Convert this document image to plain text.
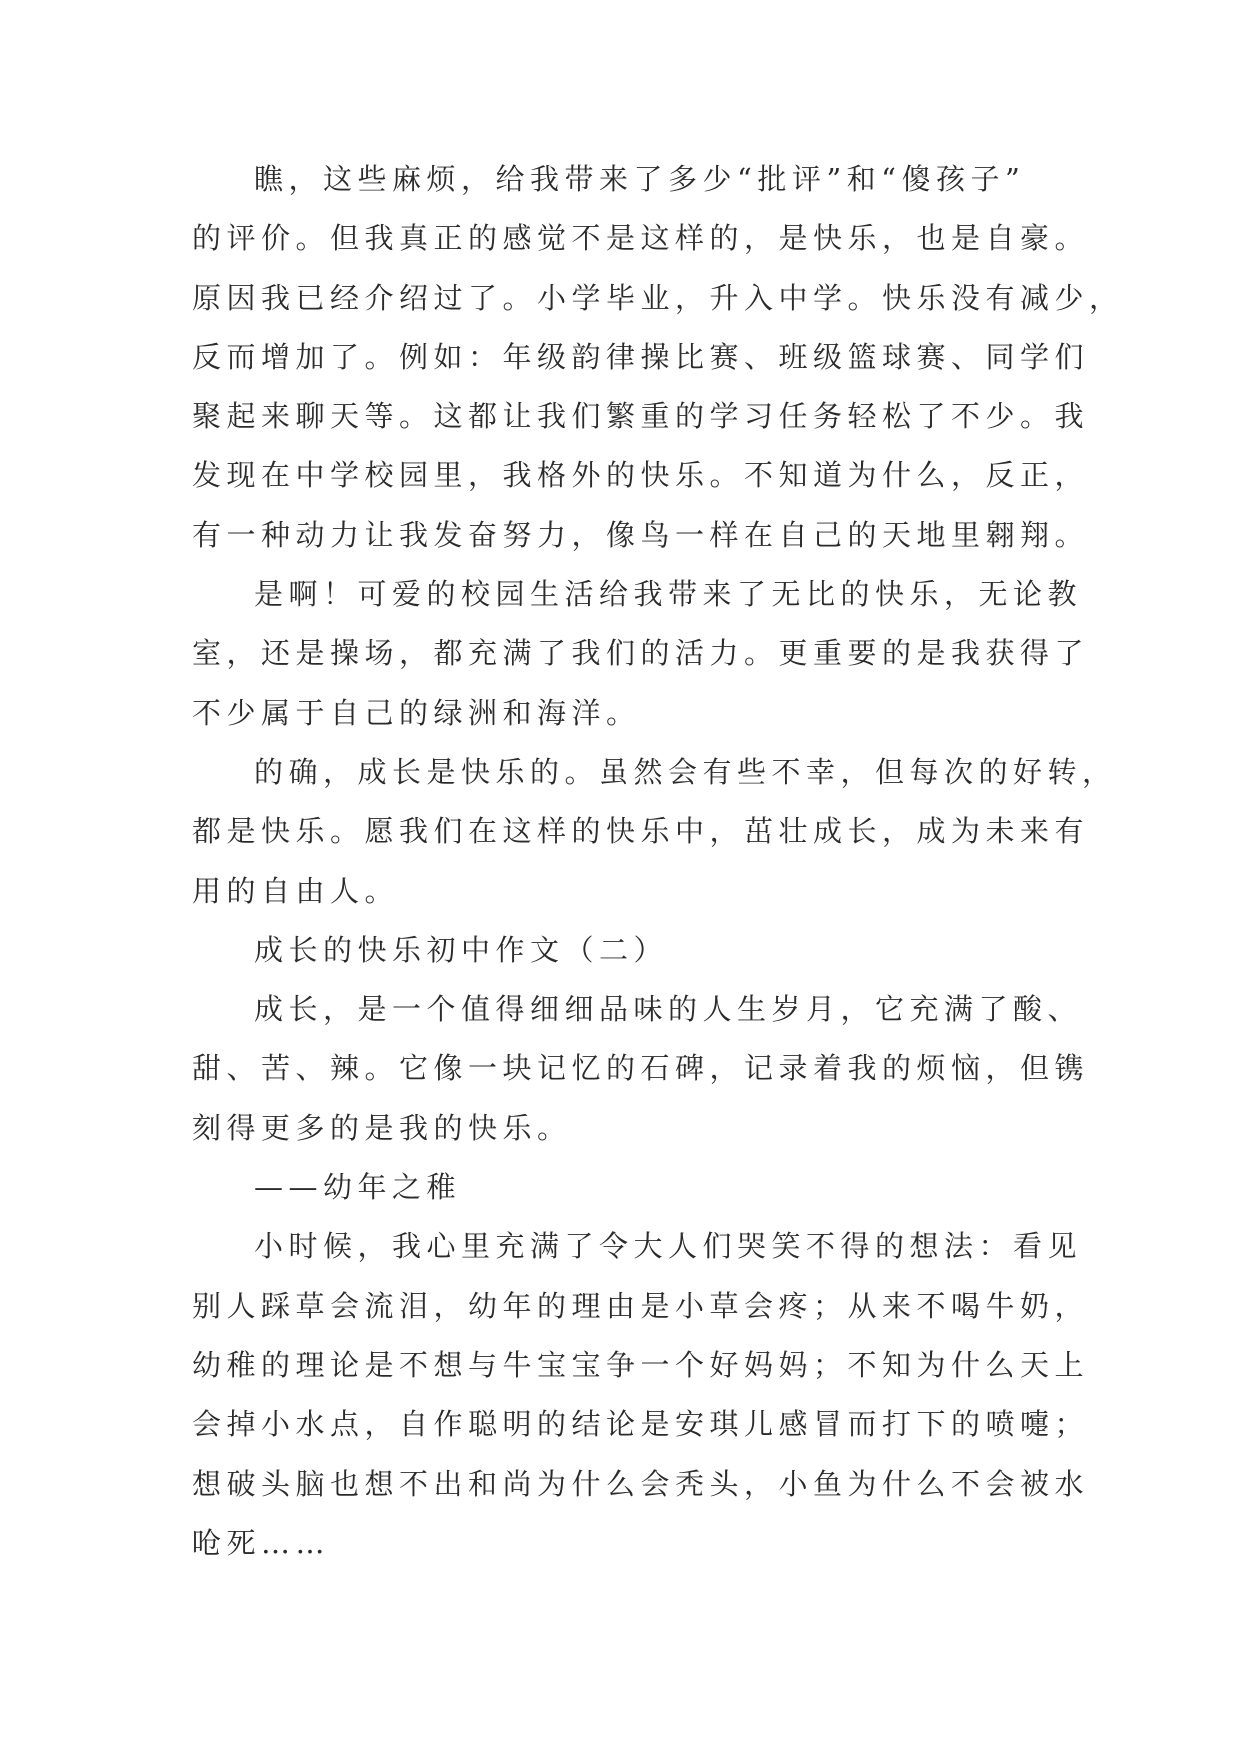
瞧，这些麻烦，给我带来了多少“批评”和“傻孩子”
的评价。但我真正的感觉不是这样的，是快乐，也是自豪。
原因我已经介绍过了。小学毕业，升入中学。快乐没有减少，
反而增加了。例如：年级韵律操比赛、班级篮球赛、同学们
聚起来聊天等。这都让我们繁重的学习任务轻松了不少。我
发现在中学校园里，我格外的快乐。不知道为什么，反正，
有一种动力让我发奋努力，像鸟一样在自己的天地里翱翔。
是啊！可爱的校园生活给我带来了无比的快乐，无论教
室，还是操场，都充满了我们的活力。更重要的是我获得了
不少属于自己的绿洲和海洋。
的确，成长是快乐的。虽然会有些不幸，但每次的好转，
都是快乐。愿我们在这样的快乐中，茁壮成长，成为未来有
用的自由人。
成长的快乐初中作文（二）
成长，是一个值得细细品味的人生岁月，它充满了酸、
甜、苦、辣。它像一块记忆的石碑，记录着我的烦恼，但镌
刻得更多的是我的快乐。
——幼年之稚
小时候，我心里充满了令大人们哭笑不得的想法：看见
别人踩草会流泪，幼年的理由是小草会疼；从来不喝牛奶，
幼稚的理论是不想与牛宝宝争一个好妈妈；不知为什么天上
会掉小水点，自作聪明的结论是安琪儿感冒而打下的喷嚏；
想破头脑也想不出和尚为什么会秃头，小鱼为什么不会被水
呛死……
